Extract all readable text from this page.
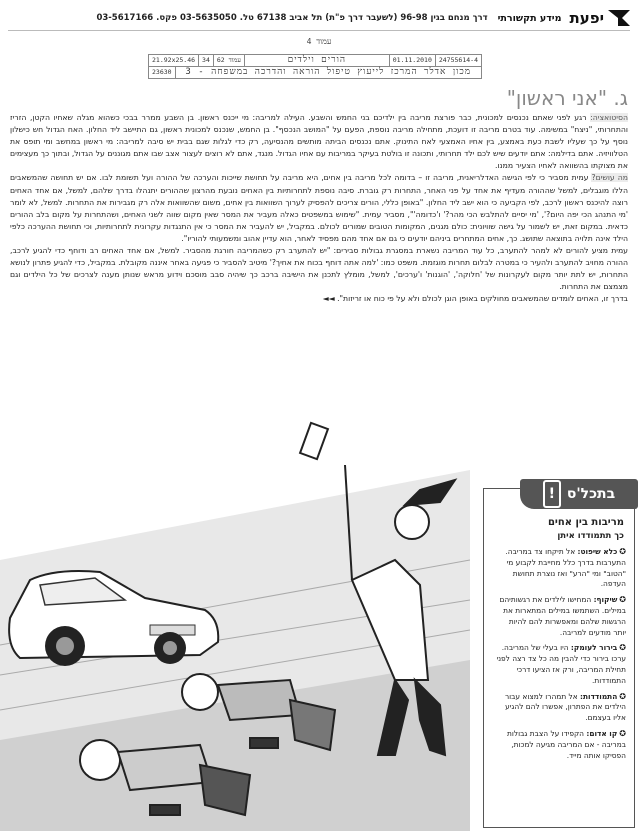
יפעת
מידע תקשורתי
דרך מנחם בגין 96-98 (לשעבר דרך פ"ת) תל אביב 67138 טל. 03-5635050 פקס. 03-5617166
עמוד 4
24755614-4
01.11.2010
הורים וילדים
עמוד 62
34
21.92x25.46
מכון אדלר המרכז לייעוץ טיפול הוראה והדרכה במשפחה - 3
23630
ג. "אני ראשון"

הסיטואציה: רגע לפני שאתם נכנסים למכונית, כבר פורצת מריבה בין ילדיכם בני החמש והשבע. העילה למריבה: מי ייכנס ראשון. בן השבע ממרר בבכי כשהוא מגלה שאחיו הקטן, הזריז והתחרותי, "ניצח" במשימה. עוד בטרם מריבה זו דועכת, מתחילה מריבה נוספת, הפעם על "המושב הנכסף". בן החמש, שנכנס למכונית ראשון, גם התיישב ליד החלון. האח הגדול חש כישלון נוסף על כך שעליו לשבת כעת באמצע, בין אחיו האמצעי לאח התינוק. אתם נכנסים הביתה מותשים מהנסיעה, רק כדי לגלות שגם בבית יש סיבה למריבה: מי ראשון במחשב ומי תופס את הטלוויזיה. אתם בדילמה: אתם יודעים שיש לכם ילד תחרותי, ותכונה זו בולטת בעיקר במריבות עם אחיו הגדול. מנגד, אתם לא רוצים לעצור אצב שבו אתם מגוננים על הגדול, ובתוך כך מעצימים את מצוקתו בהשוואה לאחיו הצעיר ממנו.

מה עושים? עמית מסביר כי לפי הגישה האדלריאנית, מריבה זו – בדומה לכל מריבה בין אחים, היא מריבה על תחושת שייכות והערכה של ההורה ועל תשומת לבו. אם יש תחושה שהמשאבים הללו מוגבלים, למשל שההורה מעדיף את אחד על פני האחר, התחרות רק גוברת. סיבה נוספת לתחרותיות בין האחים נובעת מהרצון שההורים יתנהלו בדרך שלהם, למשל, אם אחד האחים רוצה להיכנס ראשון לרכב, לפי הקביעה כי הוא ישב ליד החלון. "באופן כללי, הורים צריכים להפסיק לערוך השוואות בין אחים, משום שהשוואות אלה רק מגבירות את התחרות. למשל, לא לומר 'מי התנהג הכי יפה היום?', 'מי יסיים להתלבש הכי מהר?' ו'כדומה'", מסביר עמית. "שימוש במשפטים כאלה מעביר את המסר שאין מקום שווה לשני האחים, ושהתחרות על מקום בלב ההורים כדאית. במקום זאת, יש לשמור על גישה שוויונית: כולם מגנים, המקומות הטובים שמורים לכולם. במקביל, יש להעביר את המסר כי אין התנגדות עקרונית לתחרותיות, וכי תחושת ההערכה כלפי הילד אינה תלויה בתוצאה שתושג. כך, אחים המתחרים ביניהם יודעים כי גם אם אחד מהם מפסיד לאחר, הוא עדיין אהוב ומשמעותי להוריו".

עמית מציע להורים לא למהר להתערב, כל עוד המריבה נשארת במסגרת גבולות סבירים: "יש להתערב רק כשהמריבה חורגת מהסביר. למשל, אם אחד האחים רב ודוחף כדי להגיע לרכב, ההורה מחויב להתערב ולהעיר כי במטרה לבלום תחרות מוגזמת. משפט כמו: 'למה אתה דוחף בכוח את אחיך?' מיטיב להסביר כי פגיעה באחר איננה מקובלת. במקביל, כדי להגיע פתרון לנושא התחרות, יש לתת יותר מקום לעקרונות של 'חלוקה', 'הוגנות' ו'ערכים', למשל, מומלץ לתכנן את הישיבה ברכב כך שיהיה סבב מוסכם וידוע מראש שנותן מענה לצרכים של כל הילדים וגם מצמצם את התחרות.

בדרך זו, האחים לומדים שהמשאבים מחולקים באופן הוגן לכולם ולא על פי כוח או זריזות". ◄◄

בתכל'ס
!
מריבות בין אחים
כך תתמודדו איתן
✪כלא שיפוט: אל תיקחו צד במריבה. התערבות בדרך כלל מחייבת לקבוע מי "הטוב" ומי "הרע" ואז נוצרת תחושת העדפה.
✪שיקוף: המחישו לילדים את רגשותיהם במילים. השתמשו במילים המתארות את הרגשות שלהם ומאפשרות להם להיות יותר מודעים למריבה.
✪בירור לעומק: היו בעלי של המריבה. ערכו בירור כדי להבין מה כל צד רצה לפני תחילת המריבה, ורק אז הציעו דרכי התמודדות.
✪התמודדות: אל תמהרו למצוא עבור הילדים את הפתרון, אפשרו להם להגיע אליו בעצמם.
✪קו אדום: הקפידו על הצבת גבולות במריבה - אם המריבה מגיעה למכות, הפסיקו אותה מייד.
